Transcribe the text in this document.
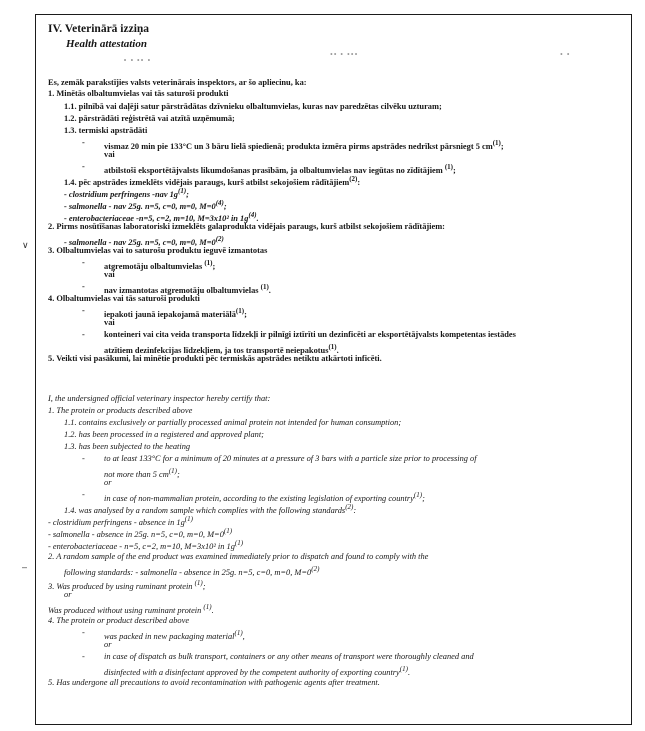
 • • •• •
•• • •••	• •
∨
–
IV. Veterinārā izziņa
Health attestation
Es, zemāk parakstījies valsts veterinārais inspektors, ar šo apliecinu, ka:
1. Minētās olbaltumvielas vai tās saturoši produkti
1.1. pilnībā vai daļēji satur pārstrādātas dzīvnieku olbaltumvielas, kuras nav paredzētas cilvēku uzturam;
1.2. pārstrādāti reģistrētā vai atzītā uzņēmumā;
1.3. termiski apstrādāti
- vismaz 20 min pie 133°C un 3 bāru lielā spiedienā; produkta izmēra pirms apstrādes nedrīkst pārsniegt 5 $cm^{(1)}$;
vai
- atbilstoši eksportētājvalsts likumdošanas prasībām, ja olbaltumvielas nav iegūtas no zīdītājiem $^{(1)}$;
1.4. pēc apstrādes izmeklēts vidējais paraugs, kurš atbilst sekojošiem rādītājiem$^{(2)}$:
- clostridium perfringens -nav $1g^{(1)}$;
- salmonella - nav 25g. n=5, c=0, m=0, $M=0^{(4)}$;
- enterobacteriaceae -n=5, c=2, m=10, M=3x10² in $1g^{(4)}$.
2. Pirms nosūtīšanas laboratoriski izmeklēts galaprodukta vidējais paraugs, kurš atbilst sekojošiem rādītājiem:
- salmonella - nav 25g. n=5, c=0, m=0, $M=0^{(2)}$
3. Olbaltumvielas vai to saturošu produktu ieguvē izmantotas
- atgremotāju olbaltumvielas $^{(1)}$;
vai
- nav izmantotas atgremotāju olbaltumvielas $^{(1)}$.
4. Olbaltumvielas vai tās saturoši produkti
- iepakoti jaunā iepakojamā materiālā$^{(1)}$;
vai
- konteineri vai cita veida transporta līdzekļi ir pilnīgi iztīrīti un dezinficēti ar eksportētājvalsts kompetentas iestādes
atzītiem dezinfekcijas līdzekļiem, ja tos transportē neiepakotus$^{(1)}$.
5. Veikti visi pasākumi, lai minētie produkti pēc termiskās apstrādes netiktu atkārtoti inficēti.
I, the undersigned official veterinary inspector hereby certify that:
1. The protein or products described above
1.1. contains exclusively or partially processed animal protein not intended for human consumption;
1.2. has been processed in a registered and approved plant;
1.3. has been subjected to the heating
- to at least 133°C for a minimum of 20 minutes at a pressure of 3 bars with a particle size prior to processing of
not more than 5 $cm^{(1)}$;
or
- in case of non-mammalian protein, according to the existing legislation of exporting country$^{(1)}$;
1.4. was analysed by a random sample which complies with the following standards$^{(2)}$:
- clostridium perfringens - absence in $1g^{(1)}$
- salmonella - absence in 25g. n=5, c=0, m=0, $M=0^{(1)}$
- enterobacteriaceae - n=5, c=2, m=10, M=3x10² in $1g^{(1)}$
2. A random sample of the end product was examined immediately prior to dispatch and found to comply with the
following standards: - salmonella - absence in 25g. n=5, c=0, m=0, $M=0^{(2)}$
3. Was produced by using ruminant protein $^{(1)}$;
or
Was produced without using ruminant protein $^{(1)}$.
4. The protein or product described above
- was packed in new packaging material$^{(1)}$,
or
- in case of dispatch as bulk transport, containers or any other means of transport were thoroughly cleaned and
disinfected with a disinfectant approved by the competent authority of exporting country$^{(1)}$.
5. Has undergone all precautions to avoid recontamination with pathogenic agents after treatment.
